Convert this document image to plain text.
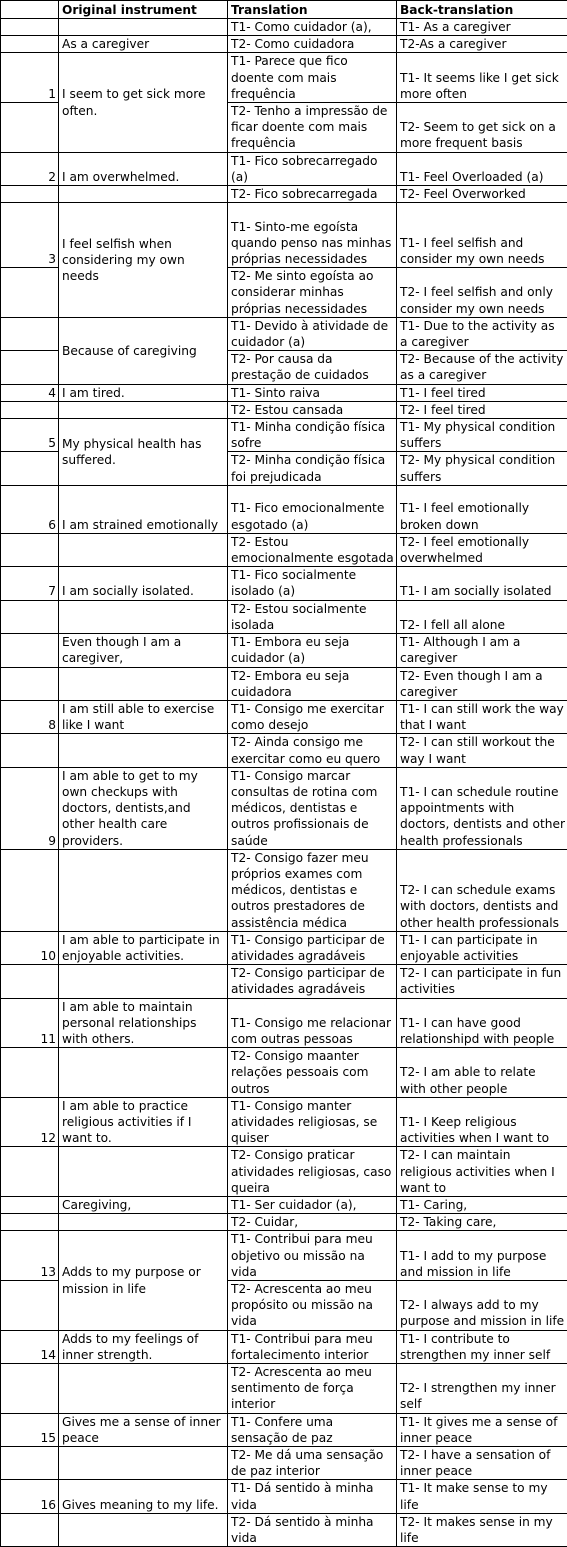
	Original instrument	Translation	Back-translation
		T1- Como cuidador (a),	T1- As a caregiver
	As a caregiver	T2- Como cuidadora	T2-As a caregiver
1	I seem to get sick more often.	T1- Parece que fico doente com mais frequência	T1- It seems like I get sick more often
		T2- Tenho a impressão de ficar doente com mais frequência	T2- Seem to get sick on a more frequent basis
2	I am overwhelmed.	T1- Fico sobrecarregado (a)	T1- Feel Overloaded (a)
		T2- Fico sobrecarregada	T2- Feel Overworked
3	I feel selfish when considering my own needs	T1- Sinto-me egoísta quando penso nas minhas próprias necessidades	T1- I feel selfish and consider my own needs
		T2- Me sinto egoísta ao considerar minhas próprias necessidades	T2- I feel selfish and only consider my own needs
	Because of caregiving	T1- Devido à atividade de cuidador (a)	T1- Due to the activity as a caregiver
		T2- Por causa da prestação de cuidados	T2- Because of the activity as a caregiver
4	I am tired.	T1- Sinto raiva	T1- I feel tired
		T2- Estou cansada	T2- I feel tired
5	My physical health has suffered.	T1- Minha condição física sofre	T1- My physical condition suffers
		T2- Minha condição física foi prejudicada	T2- My physical condition suffers
6	I am strained emotionally	T1- Fico emocionalmente esgotado (a)	T1- I feel emotionally broken down
		T2- Estou emocionalmente esgotada	T2- I feel emotionally overwhelmed
7	I am socially isolated.	T1- Fico socialmente isolado (a)	T1- I am socially isolated
		T2- Estou socialmente isolada	T2- I fell all alone
	Even though I am a caregiver,	T1- Embora eu seja cuidador (a)	T1- Although I am a caregiver
		T2- Embora eu seja cuidadora	T2- Even though I am a caregiver
8	I am still able to exercise like I want	T1- Consigo me exercitar como desejo	T1- I can still work the way that I want
		T2- Ainda consigo me exercitar como eu quero	T2- I can still workout the way I want
9	I am able to get to my own checkups with doctors, dentists,and other health care providers.	T1- Consigo marcar consultas de rotina com médicos, dentistas e outros profissionais de saúde	T1- I can schedule routine appointments with doctors, dentists and other health professionals
		T2- Consigo fazer meu próprios exames com médicos, dentistas e outros prestadores de assistência médica	T2- I can schedule exams with doctors, dentists and other health professionals
10	I am able to participate in enjoyable activities.	T1- Consigo participar de atividades agradáveis	T1- I can participate in enjoyable activities
		T2- Consigo participar de atividades agradáveis	T2- I can participate in fun activities
11	I am able to maintain personal relationships with others.	T1- Consigo me relacionar com outras pessoas	T1- I can have good relationshipd with people
		T2- Consigo maanter relações pessoais com outros	T2- I am able to relate with other people
12	I am able to practice religious activities if I want to.	T1- Consigo manter atividades religiosas, se quiser	T1- I Keep religious activities when I want to
		T2- Consigo praticar atividades religiosas, caso queira	T2- I can maintain religious activities when I want to
	Caregiving,	T1- Ser cuidador (a),	T1- Caring,
		T2- Cuidar,	T2- Taking care,
13	Adds to my purpose or mission in life	T1- Contribui para meu objetivo ou missão na vida	T1- I add to my purpose and mission in life
		T2- Acrescenta ao meu propósito ou missão na vida	T2- I always add to my purpose and mission in life
14	Adds to my feelings of inner strength.	T1- Contribui para meu fortalecimento interior	T1- I contribute to strengthen my inner self
		T2- Acrescenta ao meu sentimento de força interior	T2- I strengthen my inner self
15	Gives me a sense of inner peace	T1- Confere uma sensação de paz	T1- It gives me a sense of inner peace
		T2- Me dá uma sensação de paz interior	T2- I have a sensation of inner peace
16	Gives meaning to my life.	T1- Dá sentido à minha vida	T1- It make sense to my life
		T2- Dá sentido à minha vida	T2- It makes sense in my life
